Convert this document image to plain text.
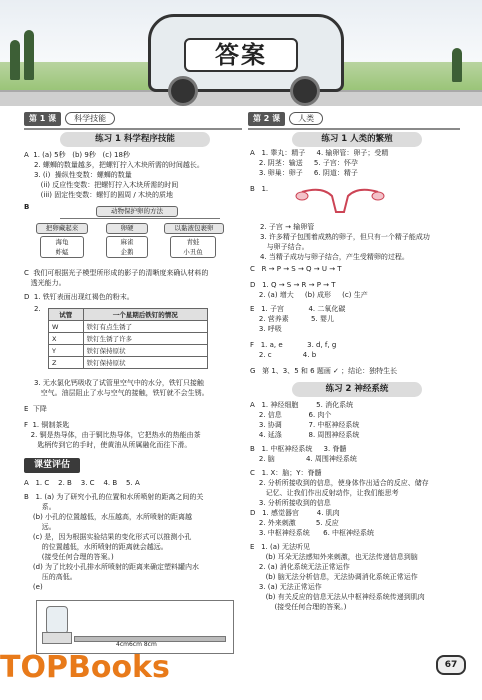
答案
第 1 课 科学技能
练习 1 科学程序技能
A  1. (a) 5秒   (b) 9秒   (c) 18秒
2. 螺蛳的数量越多，把螺钉拧入木块所需的时间越长。
3. (i)  操纵性变数：螺蛳的数量
(ii) 反应性变数：把螺钉拧入木块所需的时间
(iii) 固定性变数：螺钉的圆周 / 木块的质地
B	动物保护卵的方法
把卵藏起来	卵硬	以黏液包裹卵
海龟
蚱蜢
麻雀
企鹅
青蛙
小丑鱼
C  我们可根据光子模型所形成的影子的清晰度来确认材料的
透光能力。
D  1. 铁钉表面出现红褐色的粉末。
2.
试管	一个星期后铁钉的情况
W	铁钉有点生锈了
X	铁钉生锈了许多
Y	铁钉保持原状
Z	铁钉保持原状
3. 无水氯化钙吸收了试管里空气中的水分，铁钉只接触
空气。油层阻止了水与空气的接触，铁钉就不会生锈。
E  下降
F  1. 铜制茶匙
2. 铜是热导体，由于铜比热导体，它把热水的热能由茶
匙柄传到它的手时，使黄油从所属融化而往下滑。
课堂评估
A   1. C    2. B    3. C    4. B    5. A
B   1. (a) 为了研究小孔的位置和水所喷射的距离之间的关
系。
(b) 小孔的位置越低，水压越高，水所喷射的距离越
远。
(c) 是，因为根据实验结果的变化形式可以推测小孔
的位置越低，水所喷射的距离就会越远。
(接受任何合理的答案。)
(d) 为了比较小孔排水所喷射的距离来确定塑料罐内水
压的高低。
(e)
4cm6cm 8cm
第 2 课 人类
练习 1 人类的繁殖
A   1. 睾丸：精子     4. 输卵管：卵子；受精
2. 阴茎：输送     5. 子宫：怀孕
3. 卵巢：卵子     6. 阴道：精子
B   1.
2. 子宫 → 输卵管
3. 许多精子包围着成熟的卵子，但只有一个精子能成功
与卵子结合。
4. 当精子成功与卵子结合，产生受精卵的过程。
C   R → P → S → Q → U → T
D   1. Q → S → R → P → T
2. (a) 增大     (b) 成形     (c) 生产
E   1. 子宫           4. 二氧化碳
2. 营养素          5. 婴儿
3. 呼吸
F   1. a, e           3. d, f, g
2. c              4. b
G   第 1、3、5 和 6 题画 ✓ ；结论：独特生长
练习 2 神经系统
A   1. 神经细胞        5. 消化系统
2. 信息            6. 肉个
3. 协调            7. 中枢神经系统
4. 延涤            8. 周围神经系统
B   1. 中枢神经系统     3. 脊髓
2. 脑              4. 周围神经系统
C   1. X：脑；Y：脊髓
2. 分析所接收到的信息，使身体作出适合的反应、储存
记忆、让我们作出反射动作，让我们能思考
3. 分析所接收到的信息
D   1. 感觉器官        4. 肌肉
2. 外来刺激         5. 反应
3. 中枢神经系统      6. 中枢神经系统
E   1. (a) 无法听见
(b) 耳朵无法感知外来刺激，也无法传递信息到脑
2. (a) 消化系统无法正常运作
(b) 脑无法分析信息，无法协调消化系统正常运作
3. (a) 无法正常运作
(b) 有关反应的信息无法从中枢神经系统传递到肌肉
(接受任何合理的答案。)
TOPBooks	67
